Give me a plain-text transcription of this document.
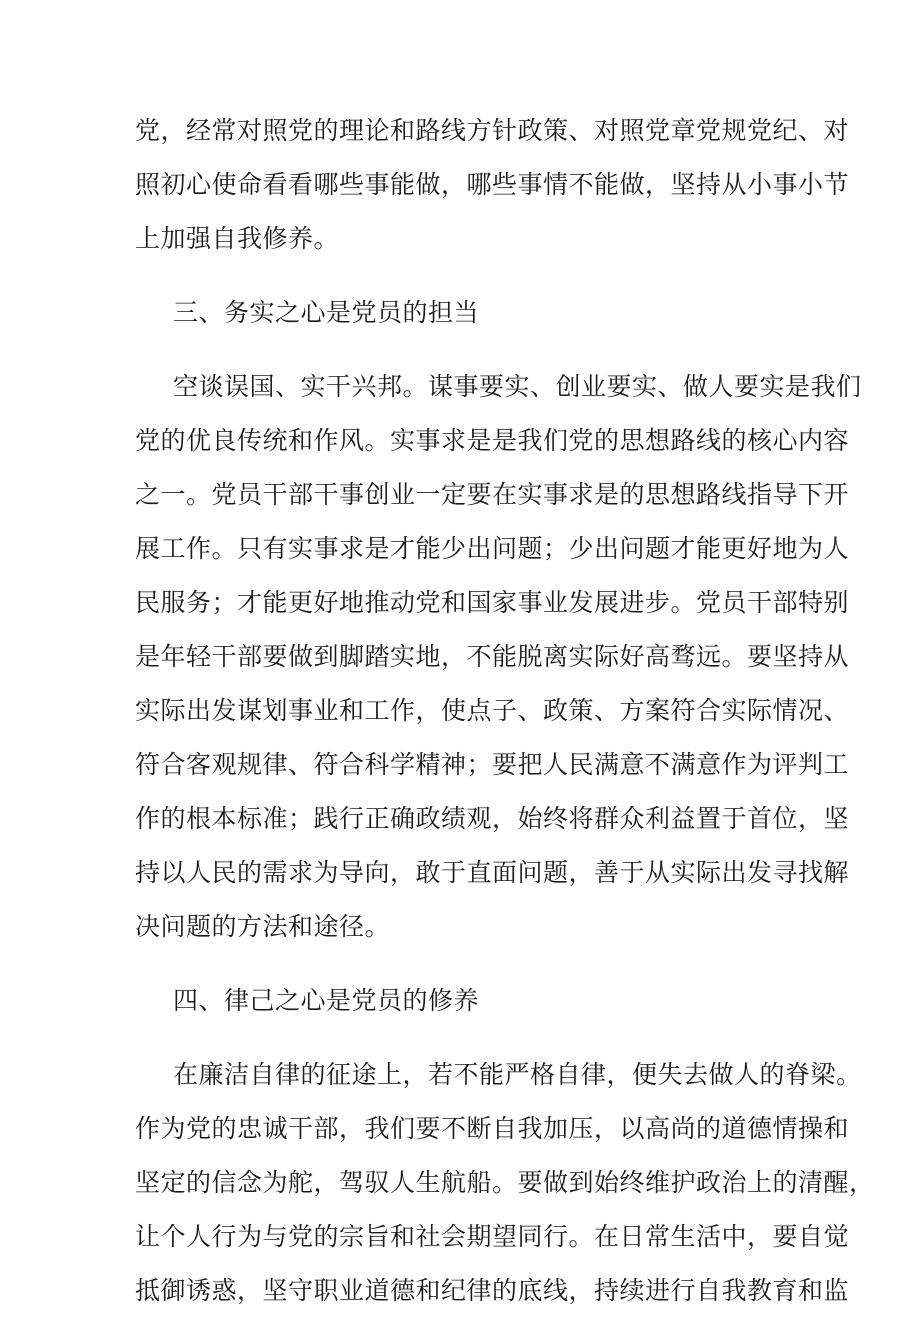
党，经常对照党的理论和路线方针政策、对照党章党规党纪、对
照初心使命看看哪些事能做，哪些事情不能做，坚持从小事小节
上加强自我修养。
三、务实之心是党员的担当
空谈误国、实干兴邦。谋事要实、创业要实、做人要实是我们
党的优良传统和作风。实事求是是我们党的思想路线的核心内容
之一。党员干部干事创业一定要在实事求是的思想路线指导下开
展工作。只有实事求是才能少出问题；少出问题才能更好地为人
民服务；才能更好地推动党和国家事业发展进步。党员干部特别
是年轻干部要做到脚踏实地，不能脱离实际好高骛远。要坚持从
实际出发谋划事业和工作，使点子、政策、方案符合实际情况、
符合客观规律、符合科学精神；要把人民满意不满意作为评判工
作的根本标准；践行正确政绩观，始终将群众利益置于首位，坚
持以人民的需求为导向，敢于直面问题，善于从实际出发寻找解
决问题的方法和途径。
四、律己之心是党员的修养
在廉洁自律的征途上，若不能严格自律，便失去做人的脊梁。
作为党的忠诚干部，我们要不断自我加压，以高尚的道德情操和
坚定的信念为舵，驾驭人生航船。要做到始终维护政治上的清醒，
让个人行为与党的宗旨和社会期望同行。在日常生活中，要自觉
抵御诱惑，坚守职业道德和纪律的底线，持续进行自我教育和监
